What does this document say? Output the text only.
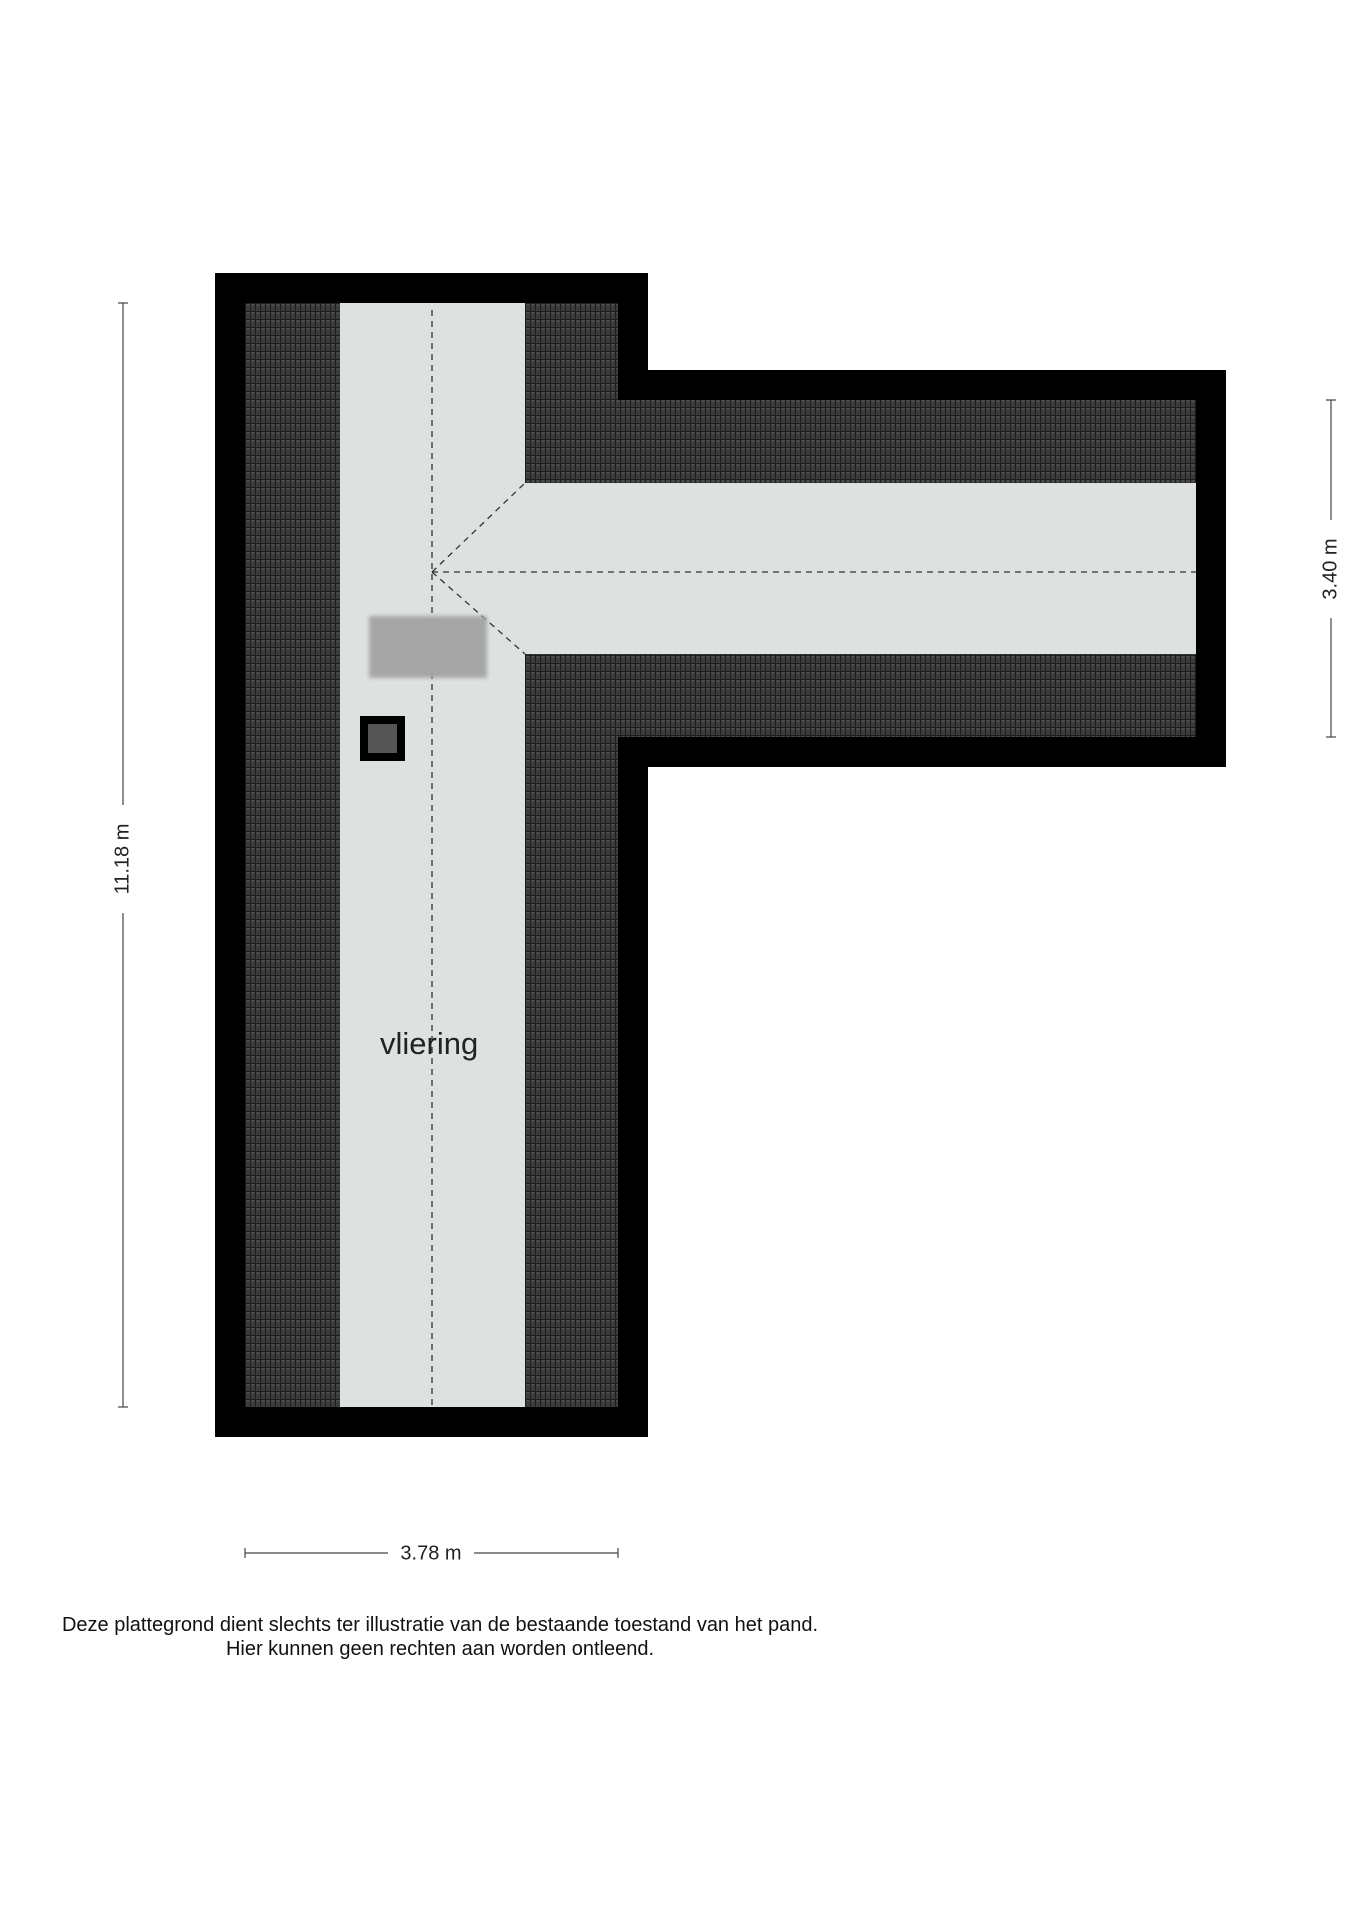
vliering
11.18 m
3.40 m
3.78 m
Deze plattegrond dient slechts ter illustratie van de bestaande toestand van het pand.
Hier kunnen geen rechten aan worden ontleend.
